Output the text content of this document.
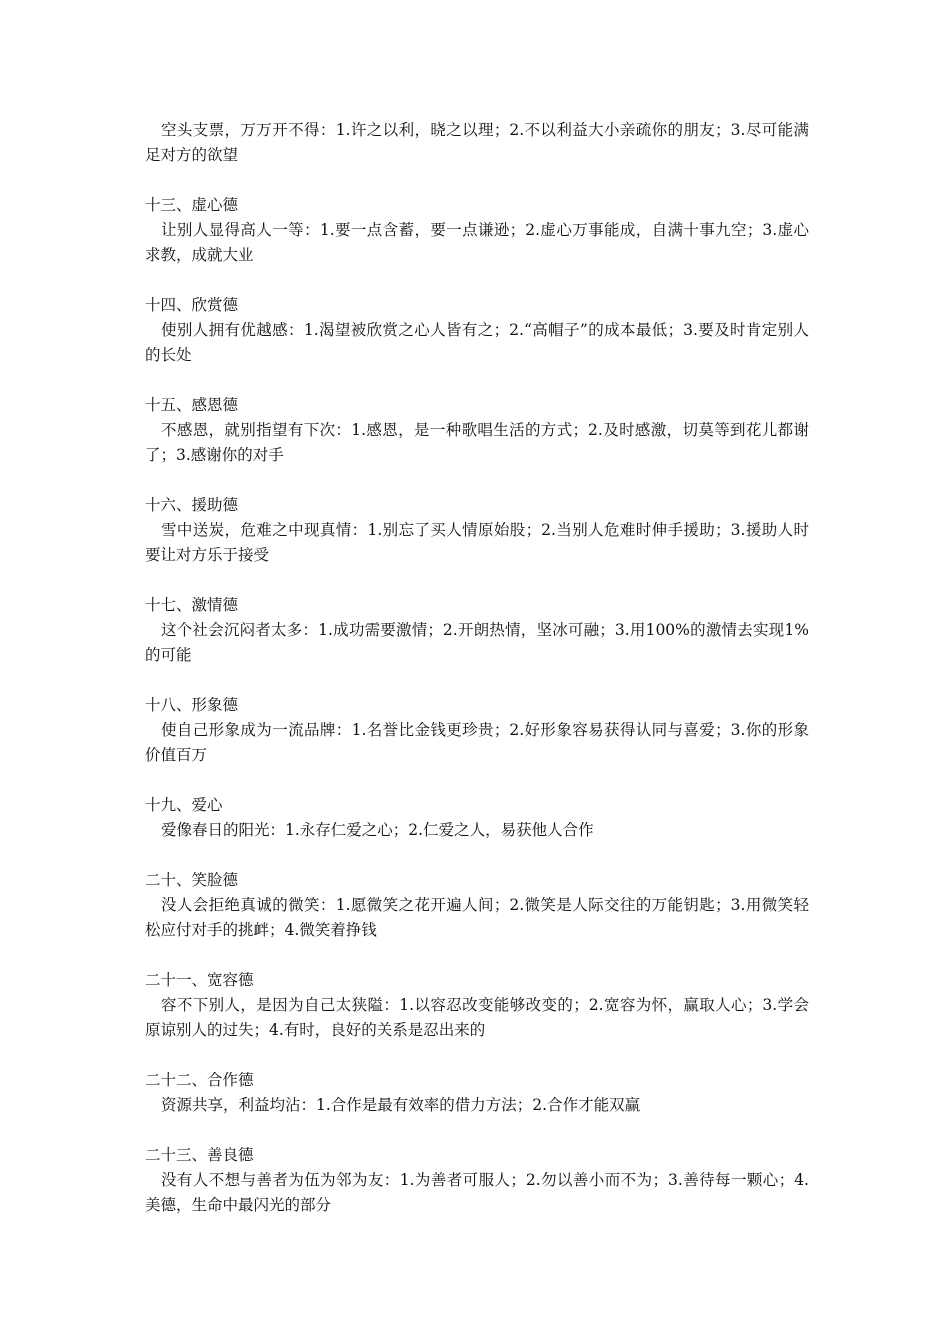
空头支票，万万开不得：1.许之以利，晓之以理；2.不以利益大小亲疏你的朋友；3.尽可能满足对方的欲望

十三、虚心德

让别人显得高人一等：1.要一点含蓄，要一点谦逊；2.虚心万事能成，自满十事九空；3.虚心求教，成就大业

十四、欣赏德

使别人拥有优越感：1.渴望被欣赏之心人皆有之；2.“高帽子”的成本最低；3.要及时肯定别人的长处

十五、感恩德

不感恩，就别指望有下次：1.感恩，是一种歌唱生活的方式；2.及时感激，切莫等到花儿都谢了；3.感谢你的对手

十六、援助德

雪中送炭，危难之中现真情：1.别忘了买人情原始股；2.当别人危难时伸手援助；3.援助人时要让对方乐于接受

十七、激情德

这个社会沉闷者太多：1.成功需要激情；2.开朗热情，坚冰可融；3.用100%的激情去实现1%的可能

十八、形象德

使自己形象成为一流品牌：1.名誉比金钱更珍贵；2.好形象容易获得认同与喜爱；3.你的形象价值百万

十九、爱心

爱像春日的阳光：1.永存仁爱之心；2.仁爱之人，易获他人合作

二十、笑脸德

没人会拒绝真诚的微笑：1.愿微笑之花开遍人间；2.微笑是人际交往的万能钥匙；3.用微笑轻松应付对手的挑衅；4.微笑着挣钱

二十一、宽容德

容不下别人，是因为自己太狭隘：1.以容忍改变能够改变的；2.宽容为怀，赢取人心；3.学会原谅别人的过失；4.有时，良好的关系是忍出来的

二十二、合作德

资源共享，利益均沾：1.合作是最有效率的借力方法；2.合作才能双赢

二十三、善良德

没有人不想与善者为伍为邻为友：1.为善者可服人；2.勿以善小而不为；3.善待每一颗心；4.美德，生命中最闪光的部分
